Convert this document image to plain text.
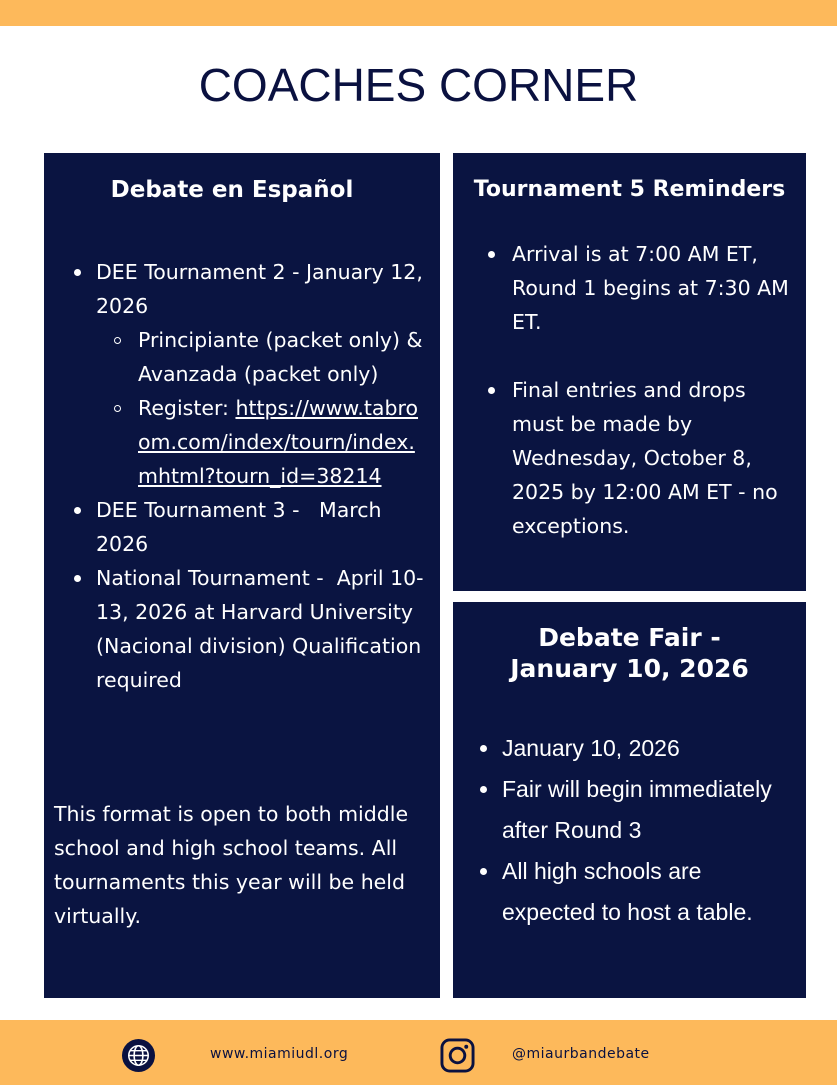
COACHES CORNER
Debate en Español
DEE Tournament 2 - January 12, 2026
Principiante (packet only) & Avanzada (packet only)
Register: https://www.tabroom.com/index/tourn/index.mhtml?tourn_id=38214
DEE Tournament 3 -   March 2026
National Tournament -  April 10-13, 2026 at Harvard University (Nacional division) Qualification required

This format is open to both middle school and high school teams. All tournaments this year will be held virtually.

Tournament 5 Reminders
Arrival is at 7:00 AM ET, Round 1 begins at 7:30 AM ET.
Final entries and drops must be made by Wednesday, October 8, 2025 by 12:00 AM ET - no exceptions.
Debate Fair -
January 10, 2026
January 10, 2026
Fair will begin immediately after Round 3
All high schools are expected to host a table.
www.miamiudl.org	@miaurbandebate
